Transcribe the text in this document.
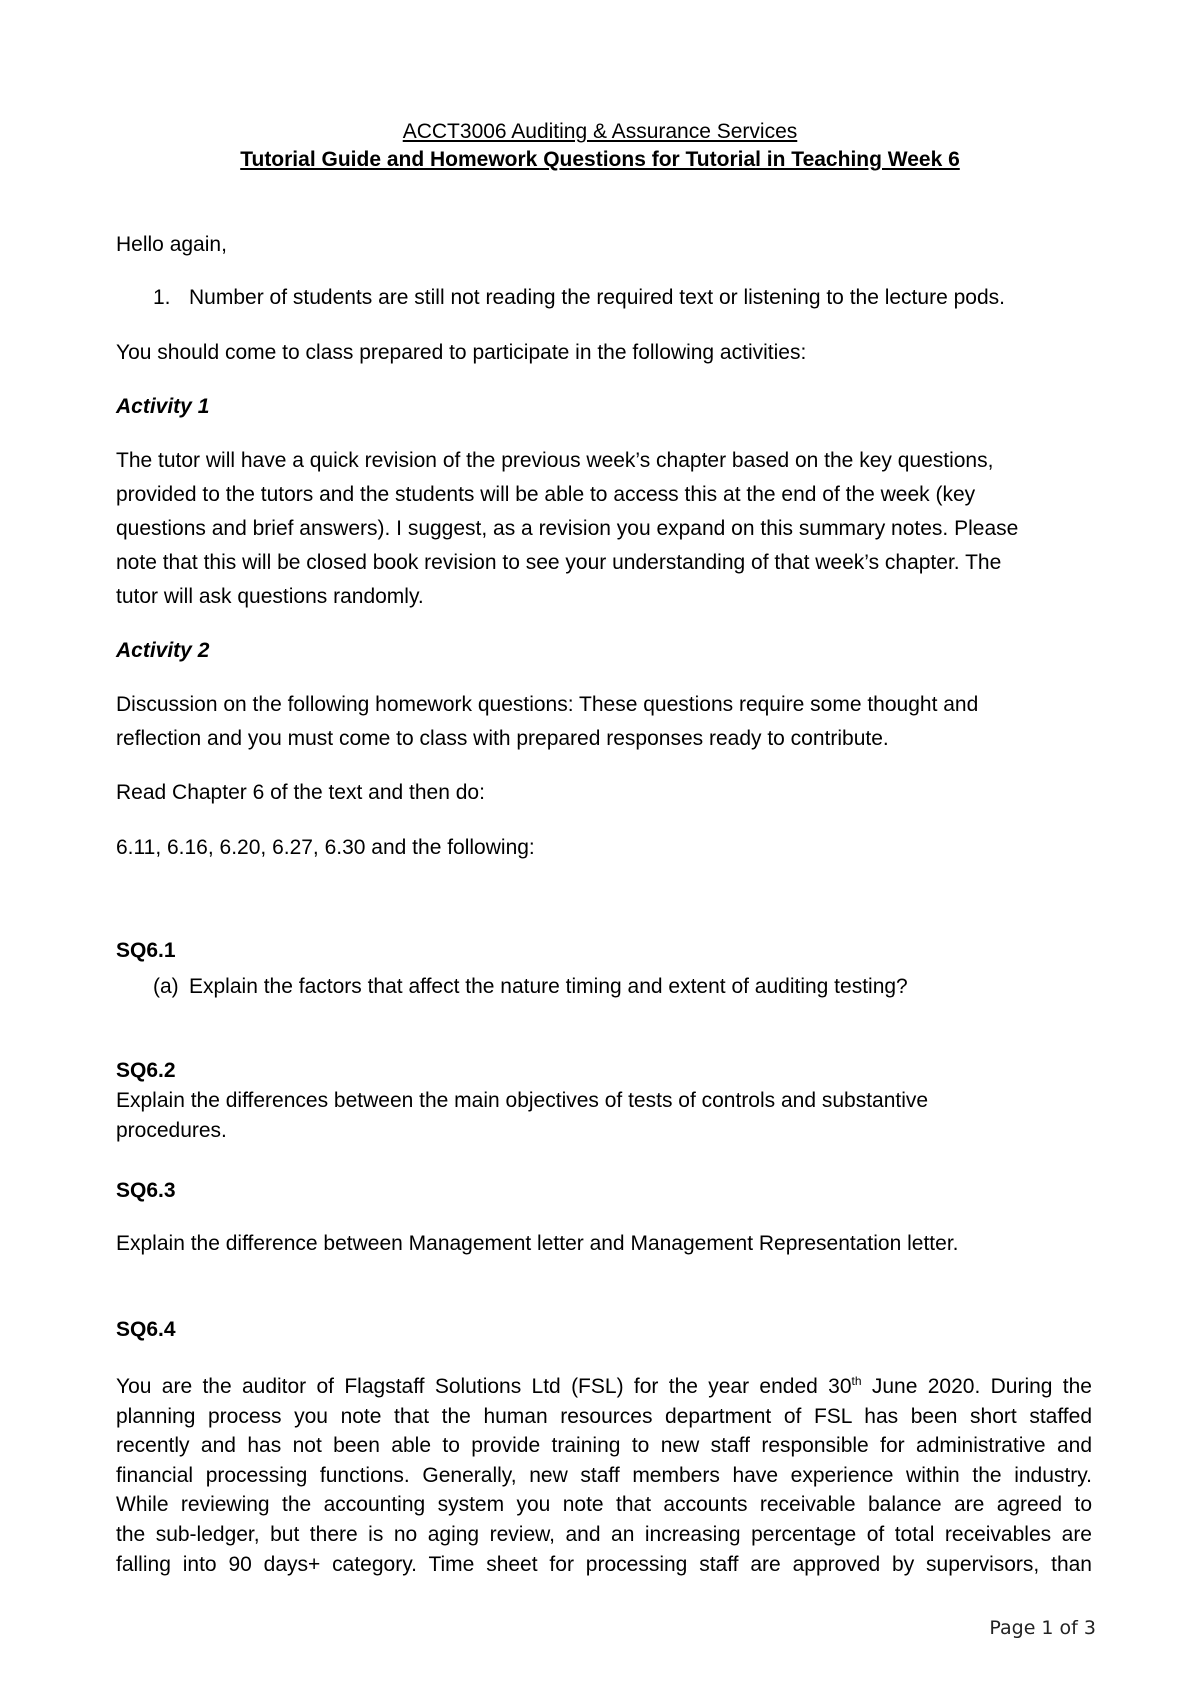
ACCT3006 Auditing & Assurance Services
Tutorial Guide and Homework Questions for Tutorial in Teaching Week 6
Hello again,
1. Number of students are still not reading the required text or listening to the lecture pods.
You should come to class prepared to participate in the following activities:
Activity 1
The tutor will have a quick revision of the previous week’s chapter based on the key questions,
provided to the tutors and the students will be able to access this at the end of the week (key
questions and brief answers). I suggest, as a revision you expand on this summary notes. Please
note that this will be closed book revision to see your understanding of that week’s chapter. The
tutor will ask questions randomly.
Activity 2
Discussion on the following homework questions: These questions require some thought and
reflection and you must come to class with prepared responses ready to contribute.
Read Chapter 6 of the text and then do:
6.11, 6.16, 6.20, 6.27, 6.30 and the following:
SQ6.1
(a) Explain the factors that affect the nature timing and extent of auditing testing?
SQ6.2
Explain the differences between the main objectives of tests of controls and substantive
procedures.
SQ6.3
Explain the difference between Management letter and Management Representation letter.
SQ6.4
You are the auditor of Flagstaff Solutions Ltd (FSL) for the year ended 30th June 2020. During the
planning process you note that the human resources department of FSL has been short staffed
recently and has not been able to provide training to new staff responsible for administrative and
financial processing functions. Generally, new staff members have experience within the industry.
While reviewing the accounting system you note that accounts receivable balance are agreed to
the sub-ledger, but there is no aging review, and an increasing percentage of total receivables are
falling into 90 days+ category. Time sheet for processing staff are approved by supervisors, than
Page 1 of 3
